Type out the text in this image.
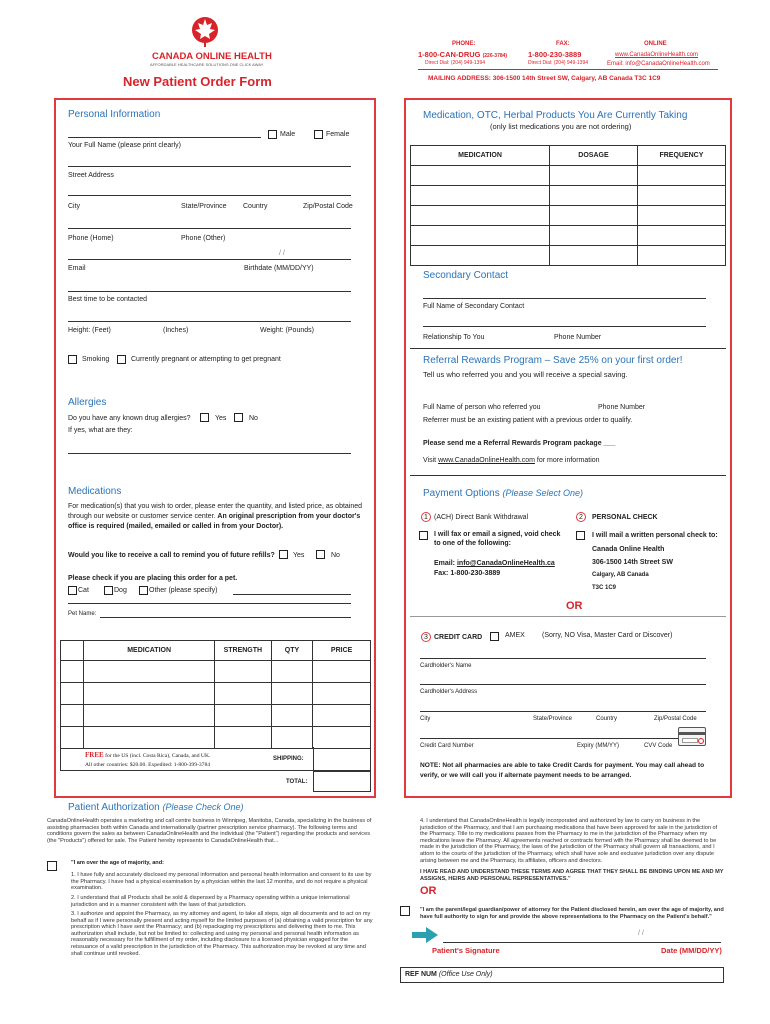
CANADA ONLINE HEALTH
AFFORDABLE HEALTHCARE SOLUTIONS ONE CLICK AWAY
New Patient Order Form
PHONE:
1-800-CAN-DRUG (226-3784)
Direct Dial: (204) 949-1394
FAX:
1-800-230-3889
Direct Dial: (204) 949-1394
ONLINE
www.CanadaOnlineHealth.com
Email: info@CanadaOnlineHealth.com
MAILING ADDRESS: 306-1500 14th Street SW, Calgary, AB Canada T3C 1C9
Personal Information
Male	Female
Your Full Name (please print clearly)
Street Address
City	State/Province Country	Zip/Postal Code
Phone (Home)	Phone (Other)
/ /
Email	Birthdate (MM/DD/YY)
Best time to be contacted
Height: (Feet)	(Inches)	Weight: (Pounds)
Smoking	Currently pregnant or attempting to get pregnant
Allergies
Do you have any known drug allergies?	Yes	No
If yes, what are they:
Medications
For medication(s) that you wish to order, please enter the quantity, and listed price, as obtained
through our website or customer service center. An original prescription from your doctor's
office is required (mailed, emailed or called in from your Doctor).
Would you like to receive a call to remind you of future refills?	Yes	No
Please check if you are placing this order for a pet.
Cat	Dog	Other (please specify)
Pet Name:
	MEDICATION	STRENGTH	QTY	PRICE

FREE for the US (incl. Costa Rica), Canada, and UK.
All other countries: $20.00. Expedited: 1-800-399-3784
SHIPPING:
TOTAL:
Medication, OTC, Herbal Products You Are Currently Taking
(only list medications you are not ordering)
MEDICATION	DOSAGE	FREQUENCY

Secondary Contact
Full Name of Secondary Contact
Relationship To You	Phone Number
Referral Rewards Program – Save 25% on your first order!
Tell us who referred you and you will receive a special saving.
Full Name of person who referred you	Phone Number
Referrer must be an existing patient with a previous order to qualify.
Please send me a Referral Rewards Program package ___
Visit www.CanadaOnlineHealth.com for more information
Payment Options (Please Select One)
1 (ACH) Direct Bank Withdrawal	2	PERSONAL CHECK
I will fax or email a signed, void check to one of the following:
Email: info@CanadaOnlineHealth.ca
Fax: 1-800-230-3889
I will mail a written personal check to:
Canada Online Health
306-1500 14th Street SW
Calgary, AB Canada
T3C 1C9
OR
3 CREDIT CARD	AMEX (Sorry, NO Visa, Master Card or Discover)
Cardholder's Name
Cardholder's Address
City	State/Province	Country	Zip/Postal Code
Credit Card Number	Expiry (MM/YY)	CVV Code
NOTE: Not all pharmacies are able to take Credit Cards for payment. You may call ahead to verify, or we will call you if alternate payment needs to be arranged.
Patient Authorization (Please Check One)
CanadaOnlineHealth operates a marketing and call centre business in Winnipeg, Manitoba, Canada, specializing in the business of assisting pharmacies both within Canada and internationally (partner prescription service pharmacy). The following terms and conditions govern the sales as between CanadaOnlineHealth and the individual (the "Patient") regarding the products and services (the "Products") offered for sale. The Patient hereby represents to CanadaOnlineHealth that...
"I am over the age of majority, and:
1. I have fully and accurately disclosed my personal information and personal health information and consent to its use by the Pharmacy. I have had a physical examination by a physician within the last 12 months, and do not require a physical examination.
2. I understand that all Products shall be sold & dispensed by a Pharmacy operating within a unique international jurisdiction and in a manner consistent with the laws of that jurisdiction.
3. I authorize and appoint the Pharmacy, as my attorney and agent, to take all steps, sign all documents and to act on my behalf as if I were personally present and acting myself for the limited purposes of (a) obtaining a valid prescription for any prescription which I have sent the Pharmacy; and (b) repackaging my prescriptions and delivering them to me. This authorization shall include, but not be limited to: collecting and using my personal and personal health information as reasonably necessary for the fulfillment of my order, including disclosure to a licensed physician engaged for the reissuance of a valid prescription in the jurisdiction of the Pharmacy. This authorization may be revoked at any time and shall continue until revoked.
4. I understand that CanadaOnlineHealth is legally incorporated and authorized by law to carry on business in the jurisdiction of the Pharmacy, and that I am purchasing medications that have been approved for sale in the jurisdiction of the Pharmacy. Title to my medications passes from the Pharmacy to me in the jurisdiction of the Pharmacy when my medications leave the Pharmacy. All agreements reached or contracts formed with the Pharmacy shall be deemed to be made in the jurisdiction of the Pharmacy, the laws of the jurisdiction of the Pharmacy shall govern all transactions, and I attorn to the courts of the jurisdiction of the Pharmacy, which shall have sole and exclusive jurisdiction over any dispute arising between me and the Pharmacy, its affiliates, officers and directors.
I HAVE READ AND UNDERSTAND THESE TERMS AND AGREE THAT THEY SHALL BE BINDING UPON ME AND MY ASSIGNS, HEIRS AND PERSONAL REPRESENTATIVES."
OR
"I am the parent/legal guardian/power of attorney for the Patient disclosed herein, am over the age of majority, and have full authority to sign for and provide the above representations to the Pharmacy on the Patient's behalf."
/ /
Patient's Signature	Date (MM/DD/YY)
REF NUM (Office Use Only)
